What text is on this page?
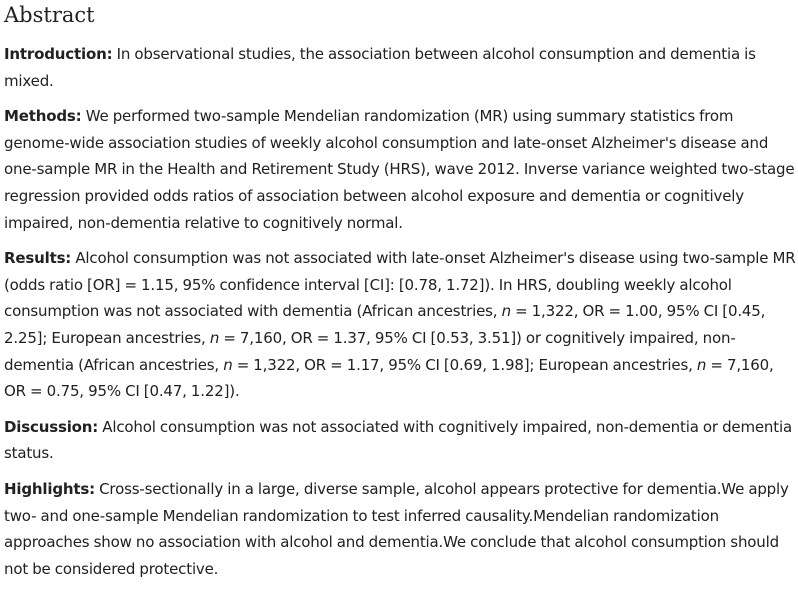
Abstract

Introduction: In observational studies, the association between alcohol consumption and dementia is mixed.

Methods: We performed two-sample Mendelian randomization (MR) using summary statistics from genome-wide association studies of weekly alcohol consumption and late-onset Alzheimer's disease and one-sample MR in the Health and Retirement Study (HRS), wave 2012. Inverse variance weighted two-stage regression provided odds ratios of association between alcohol exposure and dementia or cognitively impaired, non-dementia relative to cognitively normal.

Results: Alcohol consumption was not associated with late-onset Alzheimer's disease using two-sample MR (odds ratio [OR] = 1.15, 95% confidence interval [CI]: [0.78, 1.72]). In HRS, doubling weekly alcohol consumption was not associated with dementia (African ancestries, n = 1,322, OR = 1.00, 95% CI [0.45, 2.25]; European ancestries, n = 7,160, OR = 1.37, 95% CI [0.53, 3.51]) or cognitively impaired, non-dementia (African ancestries, n = 1,322, OR = 1.17, 95% CI [0.69, 1.98]; European ancestries, n = 7,160, OR = 0.75, 95% CI [0.47, 1.22]).

Discussion: Alcohol consumption was not associated with cognitively impaired, non-dementia or dementia status.

Highlights: Cross-sectionally in a large, diverse sample, alcohol appears protective for dementia.We apply two- and one-sample Mendelian randomization to test inferred causality.Mendelian randomization approaches show no association with alcohol and dementia.We conclude that alcohol consumption should not be considered protective.
